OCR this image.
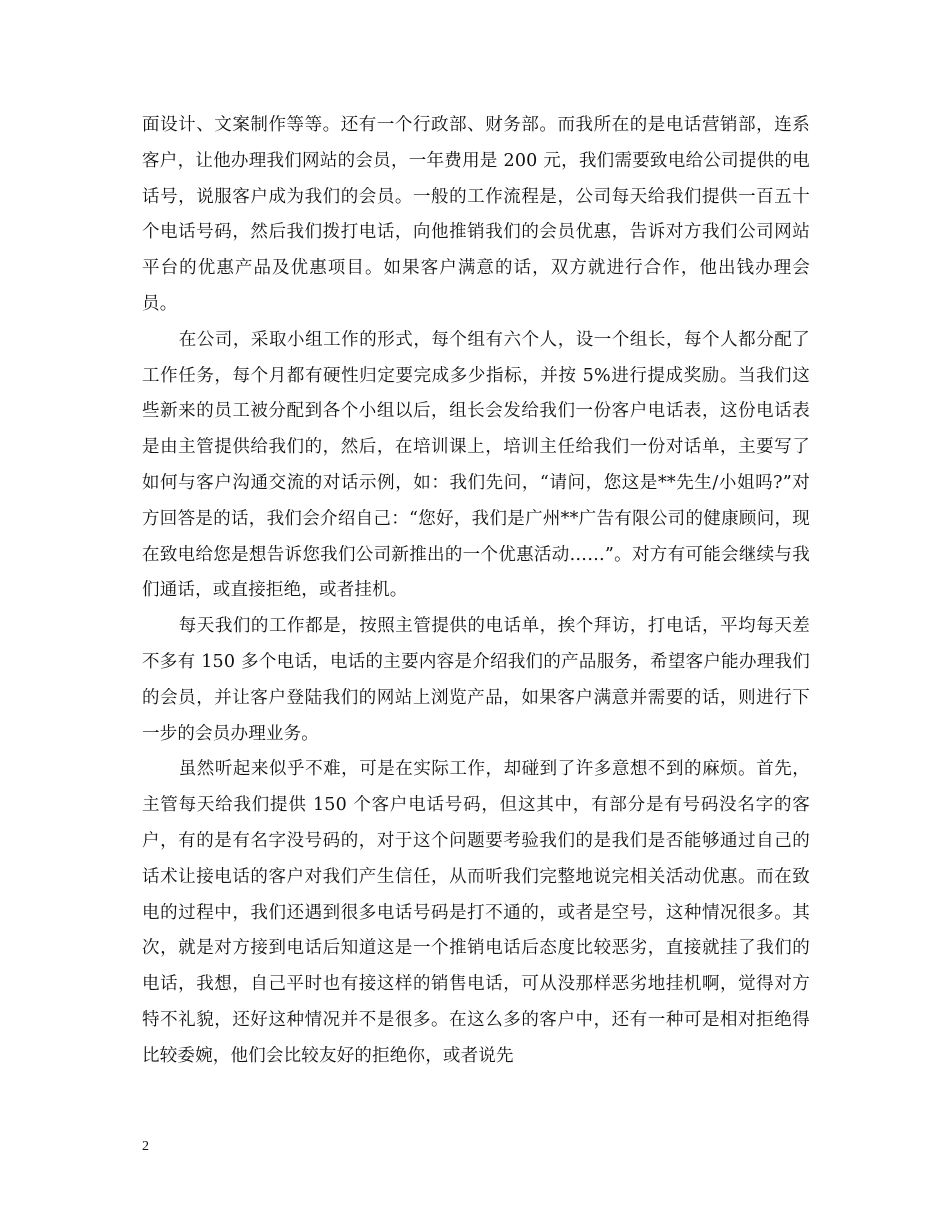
面设计、文案制作等等。还有一个行政部、财务部。而我所在的是电话营销部，连系客户，让他办理我们网站的会员，一年费用是 200 元，我们需要致电给公司提供的电话号，说服客户成为我们的会员。一般的工作流程是，公司每天给我们提供一百五十个电话号码，然后我们拨打电话，向他推销我们的会员优惠，告诉对方我们公司网站平台的优惠产品及优惠项目。如果客户满意的话，双方就进行合作，他出钱办理会员。

在公司，采取小组工作的形式，每个组有六个人，设一个组长，每个人都分配了工作任务，每个月都有硬性归定要完成多少指标，并按 5%进行提成奖励。当我们这些新来的员工被分配到各个小组以后，组长会发给我们一份客户电话表，这份电话表是由主管提供给我们的，然后，在培训课上，培训主任给我们一份对话单，主要写了如何与客户沟通交流的对话示例，如：我们先问，“请问，您这是**先生/小姐吗?”对方回答是的话，我们会介绍自己：“您好，我们是广州**广告有限公司的健康顾问，现在致电给您是想告诉您我们公司新推出的一个优惠活动……”。对方有可能会继续与我们通话，或直接拒绝，或者挂机。

每天我们的工作都是，按照主管提供的电话单，挨个拜访，打电话，平均每天差不多有 150 多个电话，电话的主要内容是介绍我们的产品服务，希望客户能办理我们的会员，并让客户登陆我们的网站上浏览产品，如果客户满意并需要的话，则进行下一步的会员办理业务。

虽然听起来似乎不难，可是在实际工作，却碰到了许多意想不到的麻烦。首先，主管每天给我们提供 150 个客户电话号码，但这其中，有部分是有号码没名字的客户，有的是有名字没号码的，对于这个问题要考验我们的是我们是否能够通过自己的话术让接电话的客户对我们产生信任，从而听我们完整地说完相关活动优惠。而在致电的过程中，我们还遇到很多电话号码是打不通的，或者是空号，这种情况很多。其次，就是对方接到电话后知道这是一个推销电话后态度比较恶劣，直接就挂了我们的电话，我想，自己平时也有接这样的销售电话，可从没那样恶劣地挂机啊，觉得对方特不礼貌，还好这种情况并不是很多。在这么多的客户中，还有一种可是相对拒绝得比较委婉，他们会比较友好的拒绝你，或者说先

2
